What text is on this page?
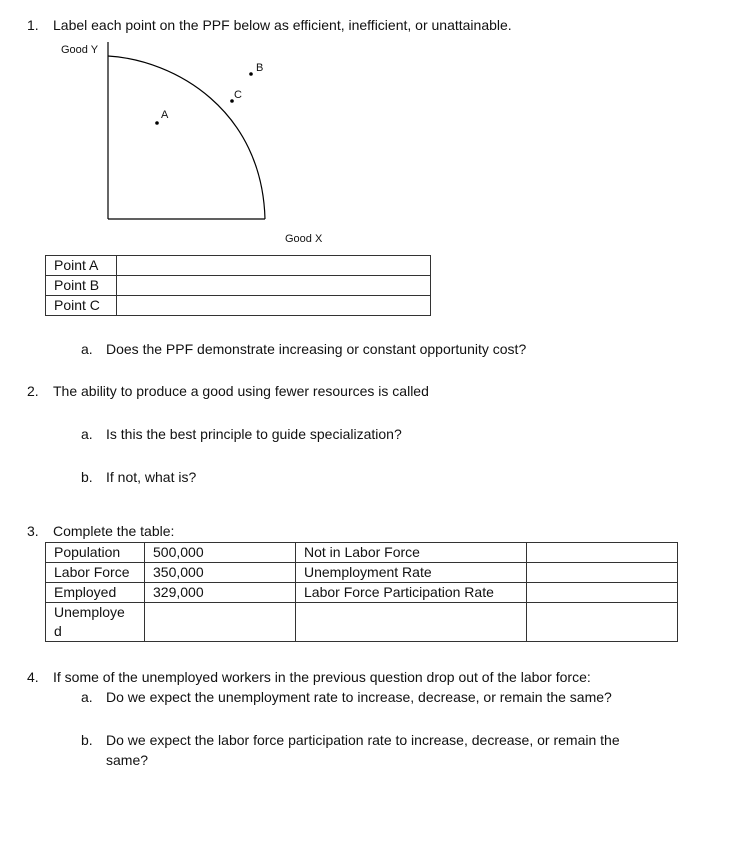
1. Label each point on the PPF below as efficient, inefficient, or unattainable.
Good Y
Good X
A
B
C
Point A	
Point B	
Point C	
a. Does the PPF demonstrate increasing or constant opportunity cost?
2. The ability to produce a good using fewer resources is called
a. Is this the best principle to guide specialization?
b. If not, what is?
3. Complete the table:
Population	500,000	Not in Labor Force	
Labor Force	350,000	Unemployment Rate	
Employed	329,000	Labor Force Participation Rate	
Unemploye
d			
4. If some of the unemployed workers in the previous question drop out of the labor force:
a. Do we expect the unemployment rate to increase, decrease, or remain the same?
b. Do we expect the labor force participation rate to increase, decrease, or remain the
same?
